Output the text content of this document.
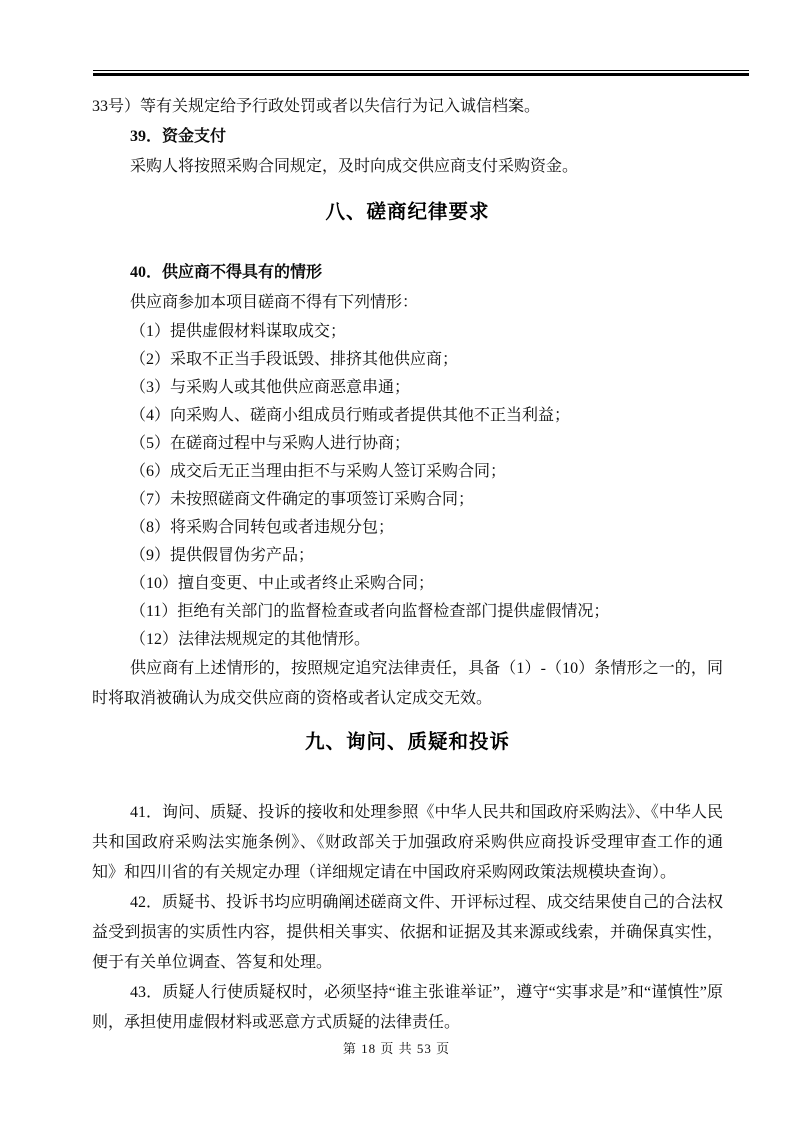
33号）等有关规定给予行政处罚或者以失信行为记入诚信档案。

39．资金支付

采购人将按照采购合同规定，及时向成交供应商支付采购资金。

八、磋商纪律要求

40．供应商不得具有的情形

供应商参加本项目磋商不得有下列情形：

（1）提供虚假材料谋取成交；

（2）采取不正当手段诋毁、排挤其他供应商；

（3）与采购人或其他供应商恶意串通；

（4）向采购人、磋商小组成员行贿或者提供其他不正当利益；

（5）在磋商过程中与采购人进行协商；

（6）成交后无正当理由拒不与采购人签订采购合同；

（7）未按照磋商文件确定的事项签订采购合同；

（8）将采购合同转包或者违规分包；

（9）提供假冒伪劣产品；

（10）擅自变更、中止或者终止采购合同；

（11）拒绝有关部门的监督检查或者向监督检查部门提供虚假情况；

（12）法律法规规定的其他情形。

供应商有上述情形的，按照规定追究法律责任，具备（1）-（10）条情形之一的，同时将取消被确认为成交供应商的资格或者认定成交无效。

九、询问、质疑和投诉

41．询问、质疑、投诉的接收和处理参照《中华人民共和国政府采购法》、《中华人民共和国政府采购法实施条例》、《财政部关于加强政府采购供应商投诉受理审查工作的通知》和四川省的有关规定办理（详细规定请在中国政府采购网政策法规模块查询）。

42．质疑书、投诉书均应明确阐述磋商文件、开评标过程、成交结果使自己的合法权益受到损害的实质性内容，提供相关事实、依据和证据及其来源或线索，并确保真实性，便于有关单位调查、答复和处理。

43．质疑人行使质疑权时，必须坚持“谁主张谁举证”，遵守“实事求是”和“谨慎性”原则，承担使用虚假材料或恶意方式质疑的法律责任。

第 18 页 共 53 页
